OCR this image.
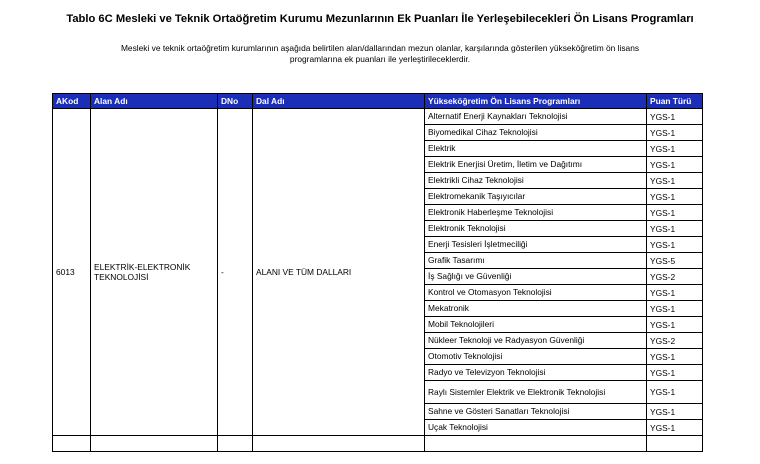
Tablo 6C Mesleki ve Teknik Ortaöğretim Kurumu Mezunlarının Ek Puanları İle Yerleşebilecekleri Ön Lisans Programları
Mesleki ve teknik ortaöğretim kurumlarının aşağıda belirtilen alan/dallarından mezun olanlar, karşılarında gösterilen yükseköğretim ön lisans
programlarına ek puanları ile yerleştirileceklerdir.
AKod	Alan Adı	DNo	Dal Adı	Yükseköğretim Ön Lisans Programları	Puan Türü
6013	ELEKTRİK-ELEKTRONİK TEKNOLOJİSİ	-	ALANI VE TÜM DALLARI	Alternatif Enerji Kaynakları Teknolojisi	YGS-1
				Biyomedikal Cihaz Teknolojisi	YGS-1
				Elektrik	YGS-1
				Elektrik Enerjisi Üretim, İletim ve Dağıtımı	YGS-1
				Elektrikli Cihaz Teknolojisi	YGS-1
				Elektromekanik Taşıyıcılar	YGS-1
				Elektronik Haberleşme Teknolojisi	YGS-1
				Elektronik Teknolojisi	YGS-1
				Enerji Tesisleri İşletmeciliği	YGS-1
				Grafik Tasarımı	YGS-5
				İş Sağlığı ve Güvenliği	YGS-2
				Kontrol ve Otomasyon Teknolojisi	YGS-1
				Mekatronik	YGS-1
				Mobil Teknolojileri	YGS-1
				Nükleer Teknoloji ve Radyasyon Güvenliği	YGS-2
				Otomotiv Teknolojisi	YGS-1
				Radyo ve Televizyon Teknolojisi	YGS-1
				Raylı Sistemler Elektrik ve Elektronik Teknolojisi	YGS-1
				Sahne ve Gösteri Sanatları Teknolojisi	YGS-1
				Uçak Teknolojisi	YGS-1
